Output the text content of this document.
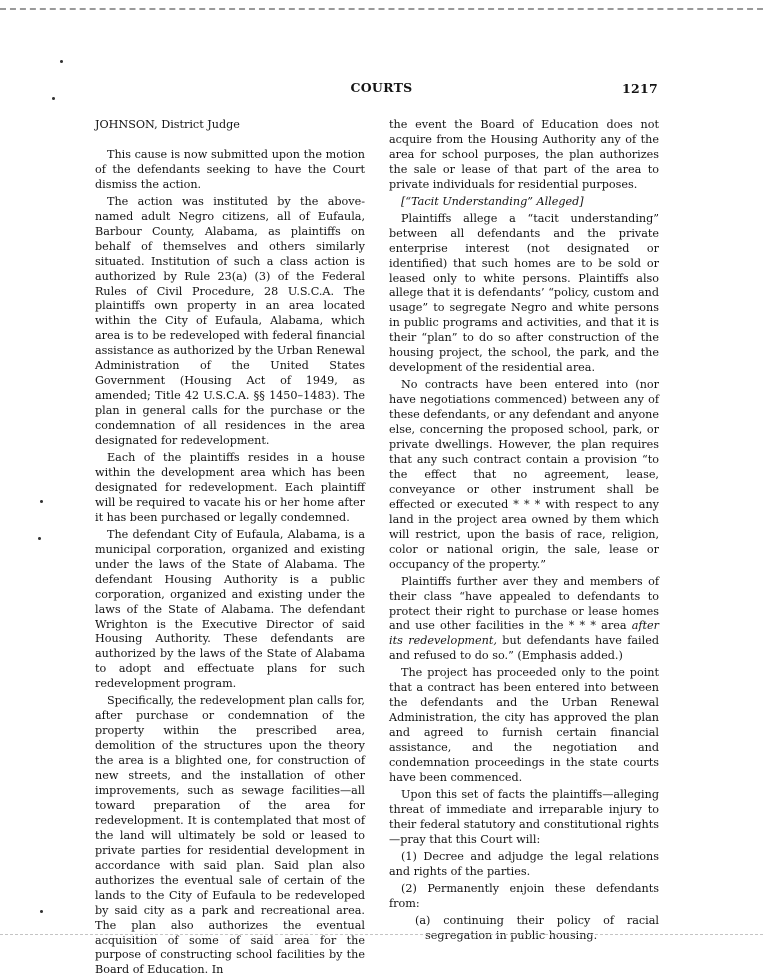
COURTS	1217
JOHNSON, District Judge

This cause is now submitted upon the motion of the defendants seeking to have the Court dismiss the action.

The action was instituted by the above-named adult Negro citizens, all of Eufaula, Barbour County, Alabama, as plaintiffs on behalf of themselves and others similarly situated. Institution of such a class action is authorized by Rule 23(a) (3) of the Federal Rules of Civil Procedure, 28 U.S.C.A. The plaintiffs own property in an area located within the City of Eufaula, Alabama, which area is to be redeveloped with federal financial assistance as authorized by the Urban Renewal Administration of the United States Government (Housing Act of 1949, as amended; Title 42 U.S.C.A. §§ 1450–1483). The plan in general calls for the purchase or the condemnation of all residences in the area designated for redevelopment.

Each of the plaintiffs resides in a house within the development area which has been designated for redevelopment. Each plaintiff will be required to vacate his or her home after it has been purchased or legally condemned.

The defendant City of Eufaula, Alabama, is a municipal corporation, organized and existing under the laws of the State of Alabama. The defendant Housing Authority is a public corporation, organized and existing under the laws of the State of Alabama. The defendant Wrighton is the Executive Director of said Housing Authority. These defendants are authorized by the laws of the State of Alabama to adopt and effectuate plans for such redevelopment program.

Specifically, the redevelopment plan calls for, after purchase or condemnation of the property within the prescribed area, demolition of the structures upon the theory the area is a blighted one, for construction of new streets, and the installation of other improvements, such as sewage facilities—all toward preparation of the area for redevelopment. It is contemplated that most of the land will ultimately be sold or leased to private parties for residential development in accordance with said plan. Said plan also authorizes the eventual sale of certain of the lands to the City of Eufaula to be redeveloped by said city as a park and recreational area. The plan also authorizes the eventual acquisition of some of said area for the purpose of constructing school facilities by the Board of Education. In

the event the Board of Education does not acquire from the Housing Authority any of the area for school purposes, the plan authorizes the sale or lease of that part of the area to private individuals for residential purposes.

[“Tacit Understanding” Alleged]

Plaintiffs allege a “tacit understanding” between all defendants and the private enterprise interest (not designated or identified) that such homes are to be sold or leased only to white persons. Plaintiffs also allege that it is defendants’ “policy, custom and usage” to segregate Negro and white persons in public programs and activities, and that it is their “plan” to do so after construction of the housing project, the school, the park, and the development of the residential area.

No contracts have been entered into (nor have negotiations commenced) between any of these defendants, or any defendant and anyone else, concerning the proposed school, park, or private dwellings. However, the plan requires that any such contract contain a provision “to the effect that no agreement, lease, conveyance or other instrument shall be effected or executed * * * with respect to any land in the project area owned by them which will restrict, upon the basis of race, religion, color or national origin, the sale, lease or occupancy of the property.”

Plaintiffs further aver they and members of their class “have appealed to defendants to protect their right to purchase or lease homes and use other facilities in the * * * area after its redevelopment, but defendants have failed and refused to do so.” (Emphasis added.)

The project has proceeded only to the point that a contract has been entered into between the defendants and the Urban Renewal Administration, the city has approved the plan and agreed to furnish certain financial assistance, and the negotiation and condemnation proceedings in the state courts have been commenced.

Upon this set of facts the plaintiffs—alleging threat of immediate and irreparable injury to their federal statutory and constitutional rights—pray that this Court will:

(1) Decree and adjudge the legal relations and rights of the parties.

(2) Permanently enjoin these defendants from:

(a) continuing their policy of racial segregation in public housing.
